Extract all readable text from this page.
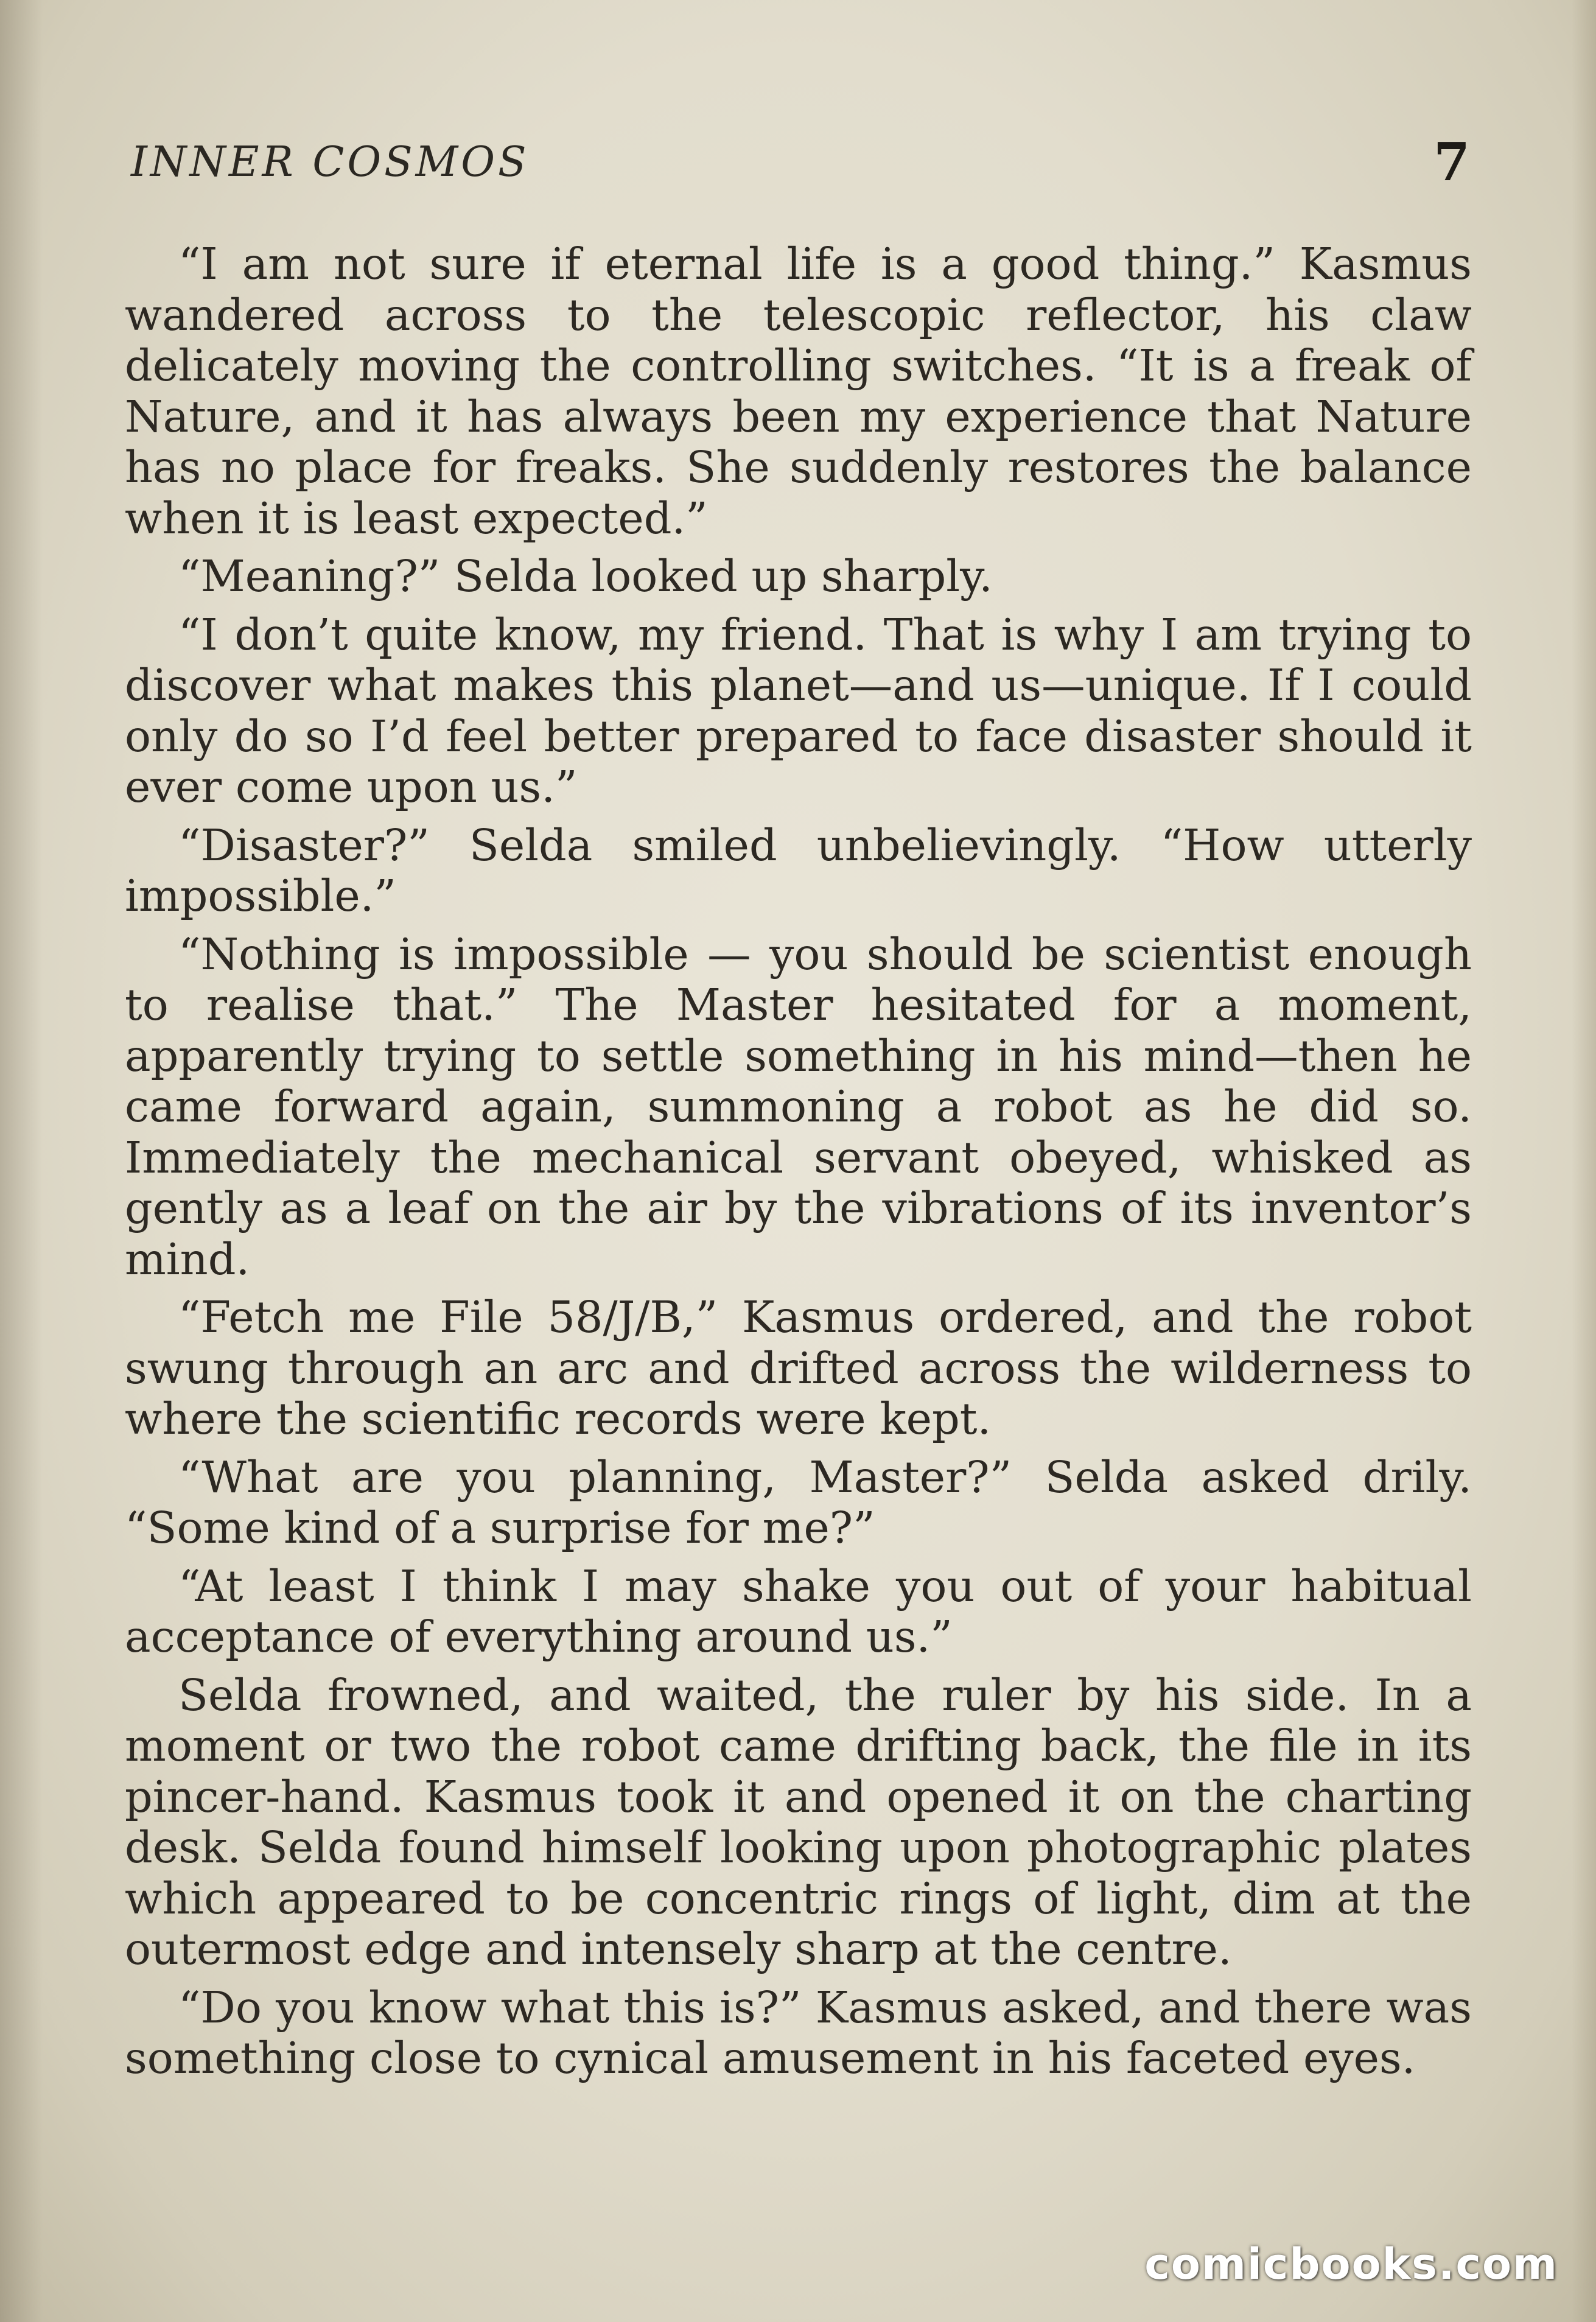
INNER COSMOS	7

“I am not sure if eternal life is a good thing.” Kasmus wandered across to the telescopic reflector, his claw delicately moving the controlling switches. “It is a freak of Nature, and it has always been my experience that Nature has no place for freaks. She suddenly restores the balance when it is least expected.”

“Meaning?” Selda looked up sharply.

“I don’t quite know, my friend. That is why I am trying to discover what makes this planet—and us—unique. If I could only do so I’d feel better prepared to face disaster should it ever come upon us.”

“Disaster?” Selda smiled unbelievingly. “How utterly impossible.”

“Nothing is impossible — you should be scientist enough to realise that.” The Master hesitated for a moment, apparently trying to settle something in his mind—then he came forward again, summoning a robot as he did so. Immediately the mechanical servant obeyed, whisked as gently as a leaf on the air by the vibrations of its inventor’s mind.

“Fetch me File 58/J/B,” Kasmus ordered, and the robot swung through an arc and drifted across the wilderness to where the scientific records were kept.

“What are you planning, Master?” Selda asked drily. “Some kind of a surprise for me?”

“At least I think I may shake you out of your habitual acceptance of everything around us.”

Selda frowned, and waited, the ruler by his side. In a moment or two the robot came drifting back, the file in its pincer-hand. Kasmus took it and opened it on the charting desk. Selda found himself looking upon photographic plates which appeared to be concentric rings of light, dim at the outermost edge and intensely sharp at the centre.

“Do you know what this is?” Kasmus asked, and there was something close to cynical amusement in his faceted eyes.

comicbooks.com
